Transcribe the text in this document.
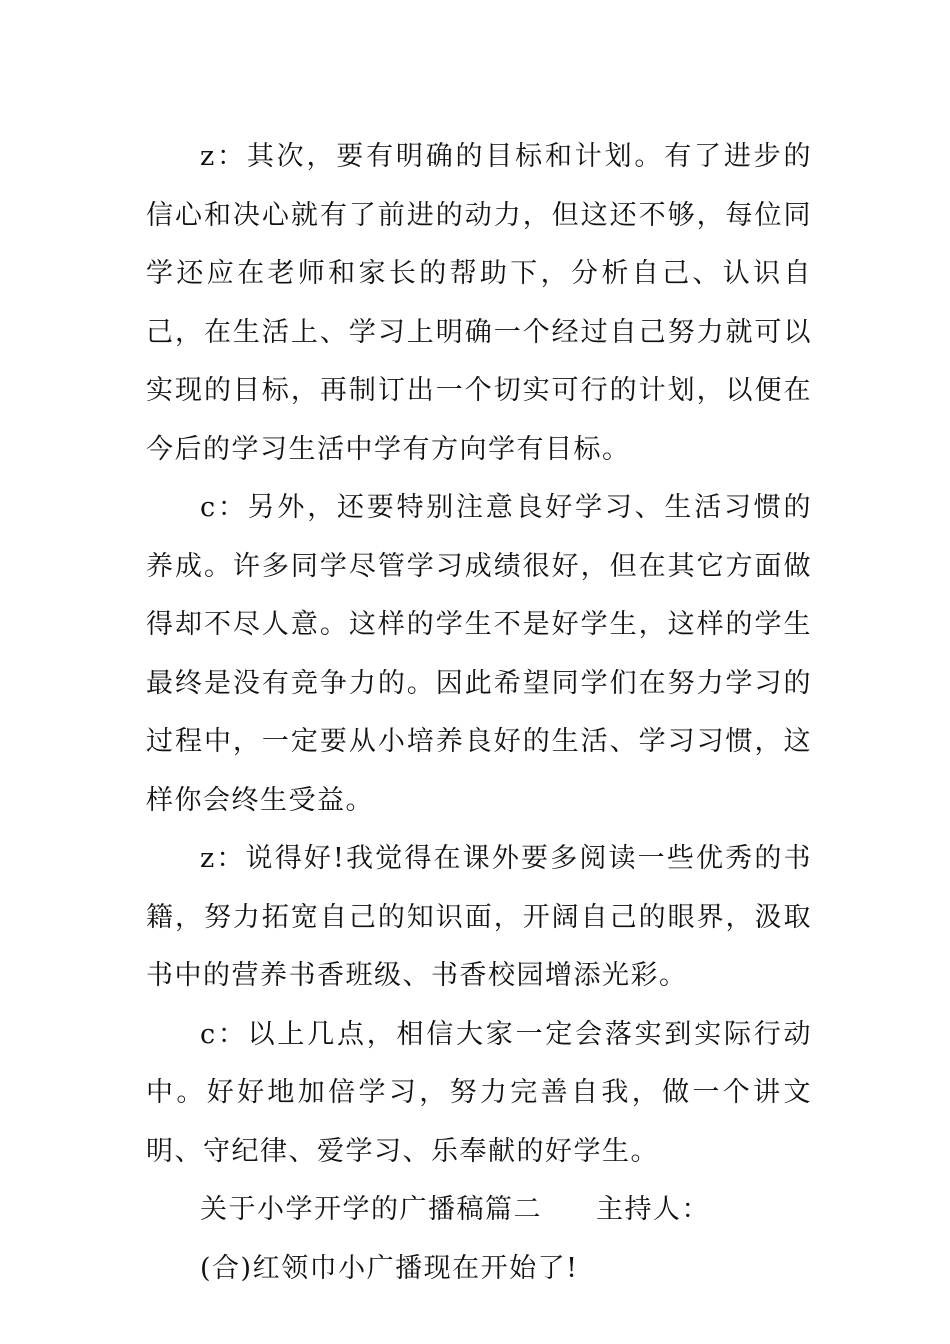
z：其次，要有明确的目标和计划。有了进步的信心和决心就有了前进的动力，但这还不够，每位同学还应在老师和家长的帮助下，分析自己、认识自己，在生活上、学习上明确一个经过自己努力就可以实现的目标，再制订出一个切实可行的计划，以便在今后的学习生活中学有方向学有目标。

c：另外，还要特别注意良好学习、生活习惯的养成。许多同学尽管学习成绩很好，但在其它方面做得却不尽人意。这样的学生不是好学生，这样的学生最终是没有竞争力的。因此希望同学们在努力学习的过程中，一定要从小培养良好的生活、学习习惯，这样你会终生受益。

z：说得好!我觉得在课外要多阅读一些优秀的书籍，努力拓宽自己的知识面，开阔自己的眼界，汲取书中的营养书香班级、书香校园增添光彩。

c：以上几点，相信大家一定会落实到实际行动中。好好地加倍学习，努力完善自我，做一个讲文明、守纪律、爱学习、乐奉献的好学生。

关于小学开学的广播稿篇二 主持人：

(合)红领巾小广播现在开始了!
